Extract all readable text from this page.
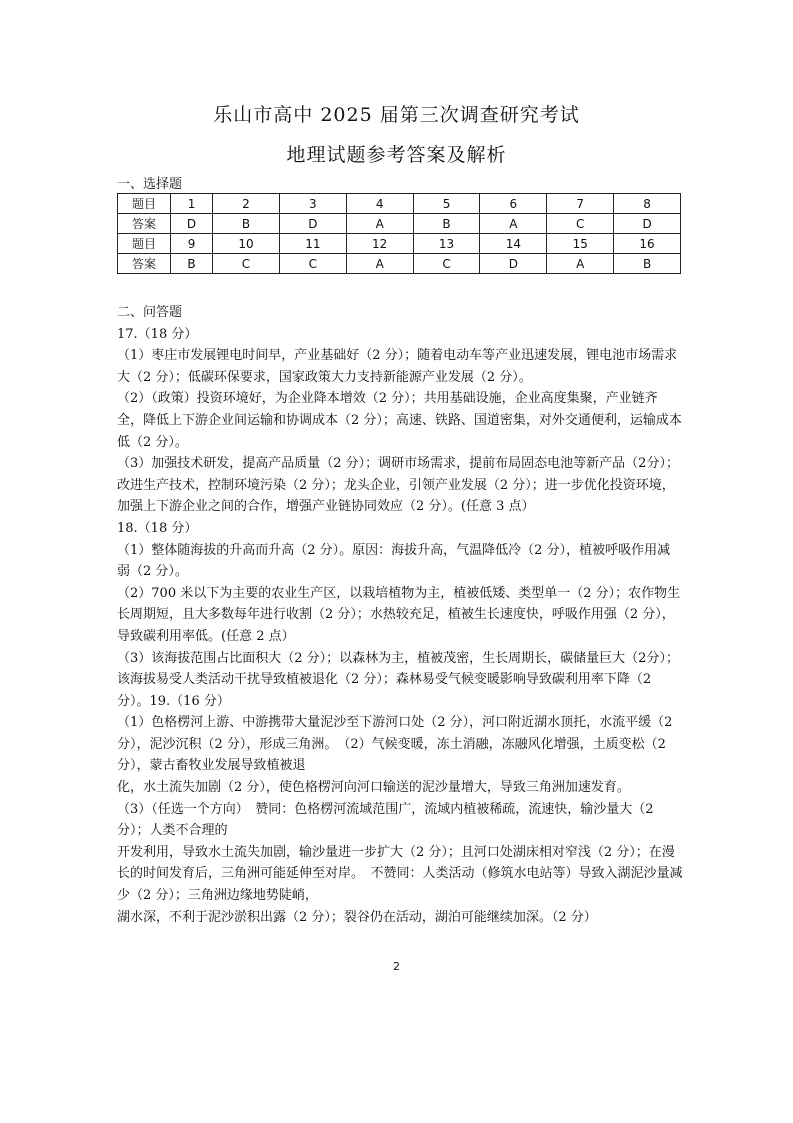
乐山市高中 2025 届第三次调查研究考试
地理试题参考答案及解析
一、选择题
题目	1	2	3	4	5	6	7	8
答案	D	B	D	A	B	A	C	D
题目	9	10	11	12	13	14	15	16
答案	B	C	C	A	C	D	A	B

二、问答题

17.（18 分）

（1）枣庄市发展锂电时间早，产业基础好（2 分）；随着电动车等产业迅速发展，锂电池市场需求大（2 分）；低碳环保要求，国家政策大力支持新能源产业发展（2 分）。

（2）（政策）投资环境好，为企业降本增效（2 分）；共用基础设施，企业高度集聚，产业链齐全，降低上下游企业间运输和协调成本（2 分）；高速、铁路、国道密集，对外交通便利，运输成本低（2 分）。

（3）加强技术研发，提高产品质量（2 分）；调研市场需求，提前布局固态电池等新产品（2分）；改进生产技术，控制环境污染（2 分）；龙头企业，引领产业发展（2 分）；进一步优化投资环境，加强上下游企业之间的合作，增强产业链协同效应（2 分）。(任意 3 点）

18.（18 分）

（1）整体随海拔的升高而升高（2 分）。原因：海拔升高，气温降低冷（2 分），植被呼吸作用减弱（2 分）。

（2）700 米以下为主要的农业生产区，以栽培植物为主，植被低矮、类型单一（2 分）；农作物生长周期短，且大多数每年进行收割（2 分）；水热较充足，植被生长速度快，呼吸作用强（2 分），导致碳利用率低。(任意 2 点）

（3）该海拔范围占比面积大（2 分）；以森林为主，植被茂密，生长周期长，碳储量巨大（2分）；该海拔易受人类活动干扰导致植被退化（2 分）；森林易受气候变暖影响导致碳利用率下降（2 分）。19.（16 分）

（1）色格楞河上游、中游携带大量泥沙至下游河口处（2 分），河口附近湖水顶托，水流平缓（2 分），泥沙沉积（2 分），形成三角洲。　（2）气候变暖，冻土消融，冻融风化增强，土质变松（2 分），蒙古畜牧业发展导致植被退

化，水土流失加剧（2 分），使色格楞河向河口输送的泥沙量增大，导致三角洲加速发育。

（3）（任选一个方向）　赞同：色格楞河流域范围广，流域内植被稀疏，流速快，输沙量大（2 分）；人类不合理的

开发利用，导致水土流失加剧，输沙量进一步扩大（2 分）；且河口处湖床相对窄浅（2 分）；在漫长的时间发育后，三角洲可能延伸至对岸。　不赞同：人类活动（修筑水电站等）导致入湖泥沙量减少（2 分）；三角洲边缘地势陡峭，

湖水深，不利于泥沙淤积出露（2 分）；裂谷仍在活动，湖泊可能继续加深。（2 分）

2
